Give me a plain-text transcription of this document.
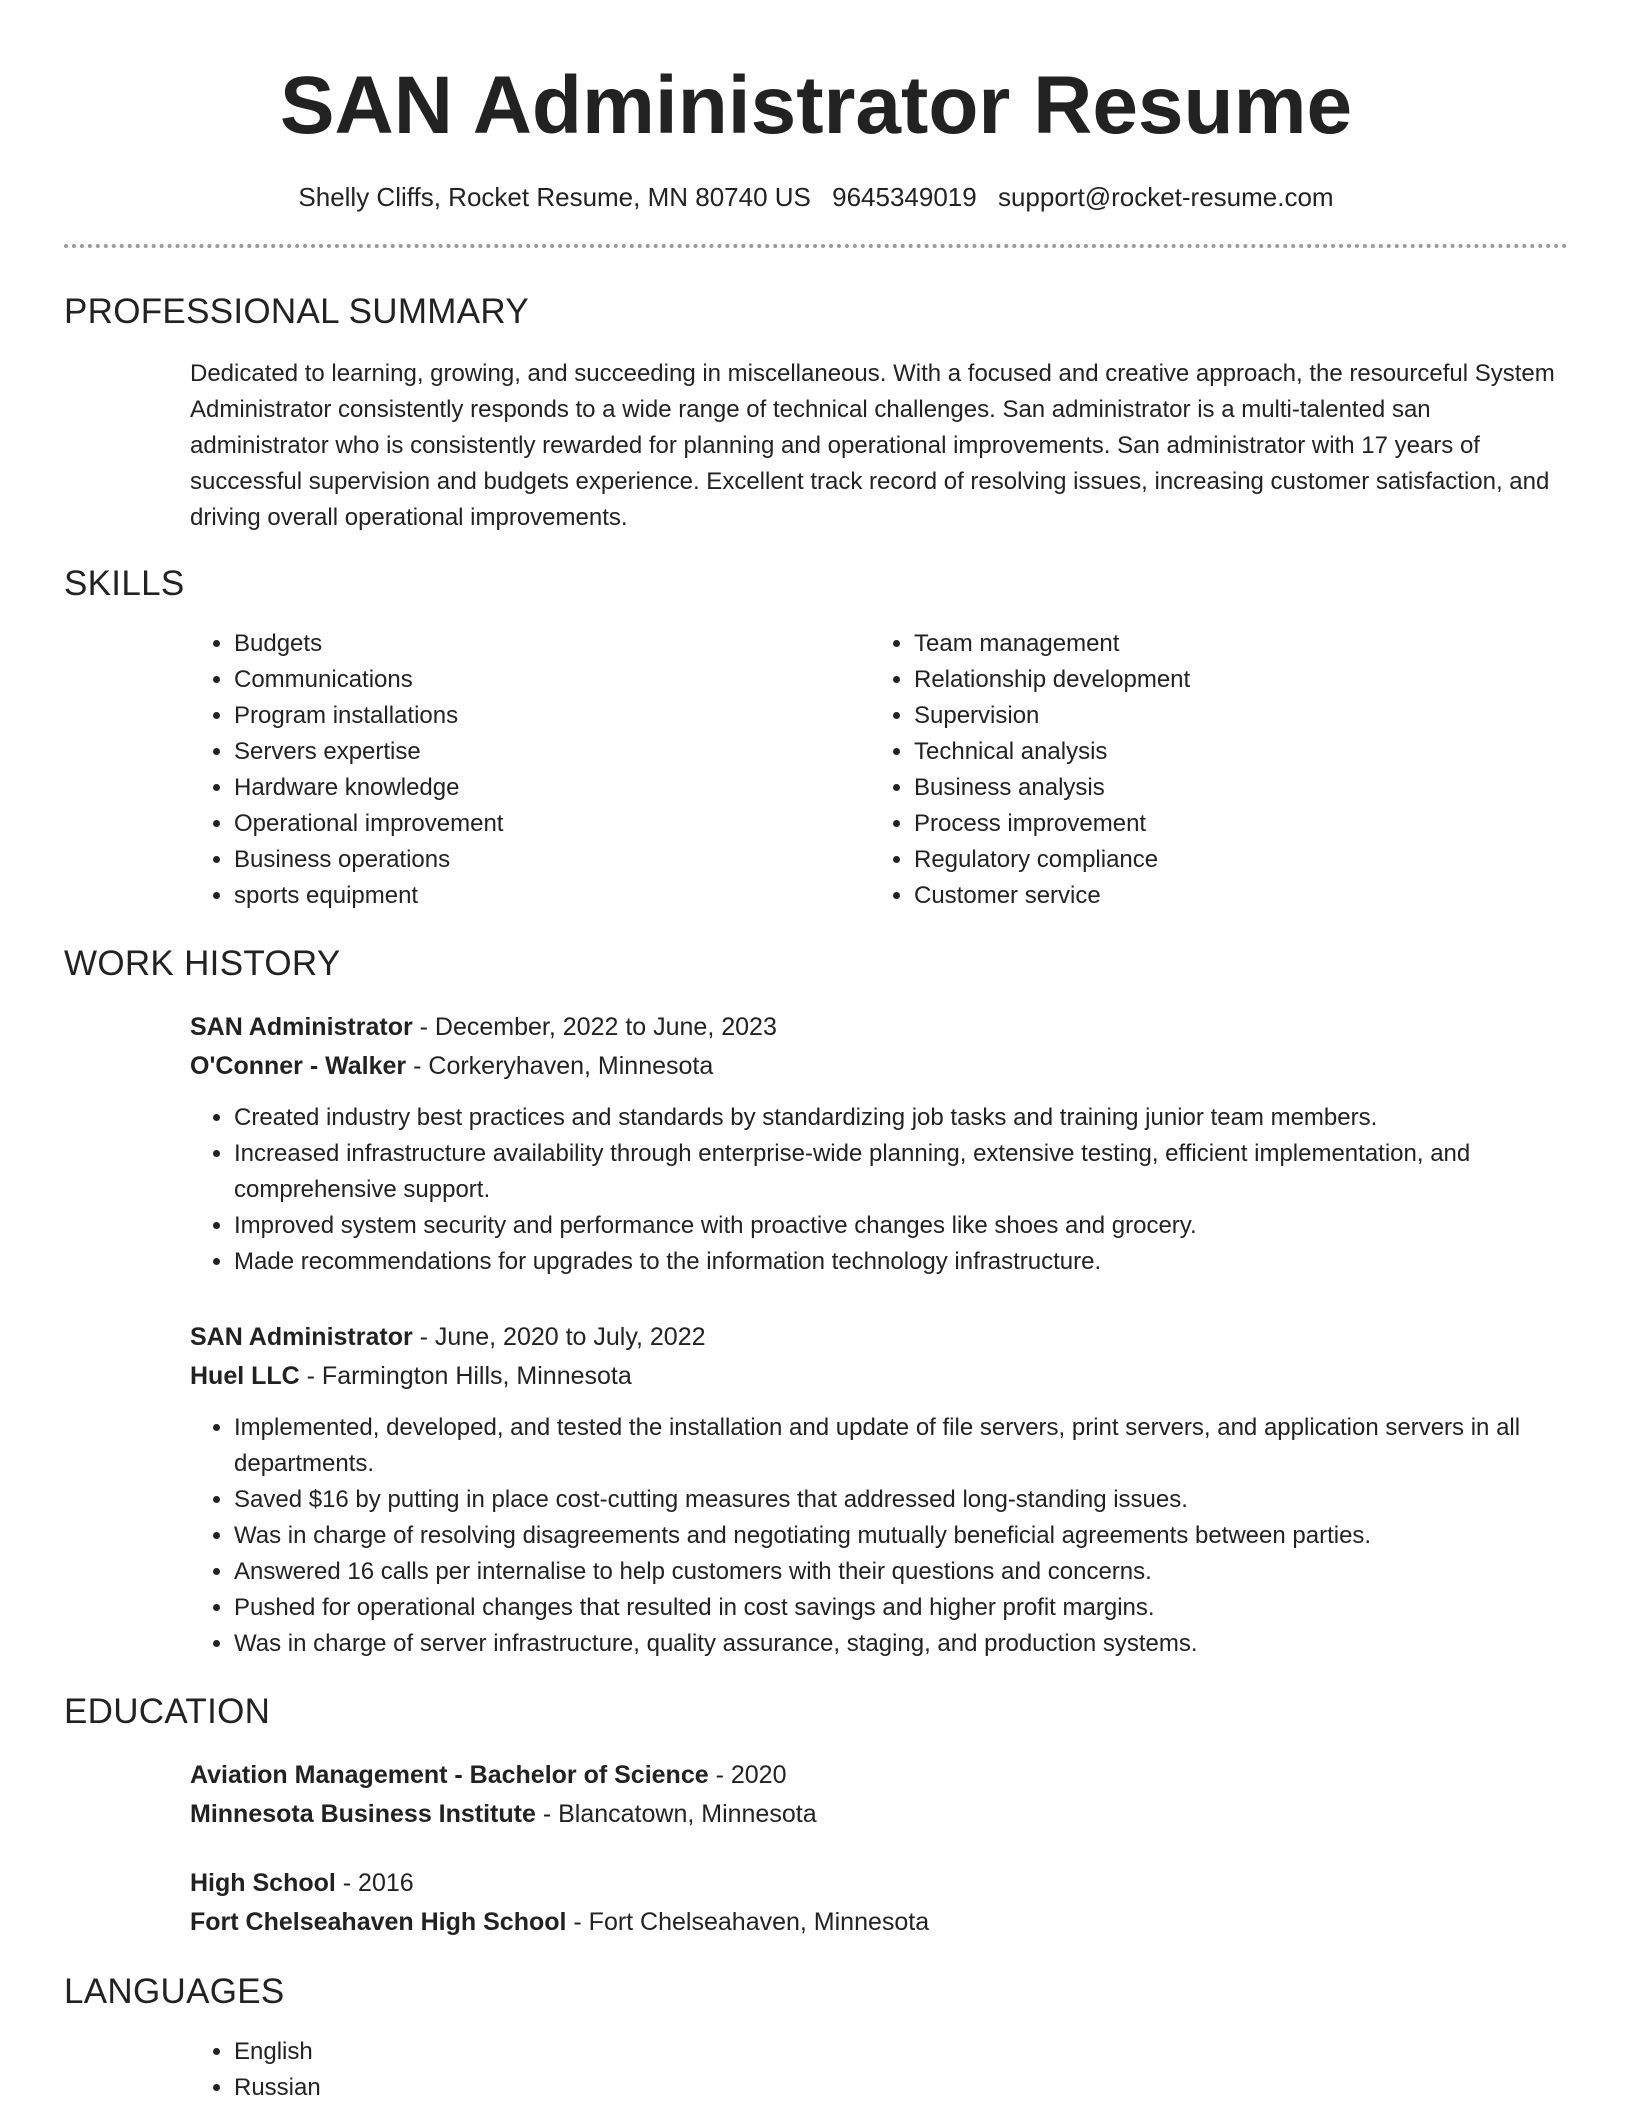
SAN Administrator Resume
Shelly Cliffs, Rocket Resume, MN 80740 US 9645349019 support@rocket-resume.com
PROFESSIONAL SUMMARY
Dedicated to learning, growing, and succeeding in miscellaneous. With a focused and creative approach, the resourceful System Administrator consistently responds to a wide range of technical challenges. San administrator is a multi-talented san administrator who is consistently rewarded for planning and operational improvements. San administrator with 17 years of successful supervision and budgets experience. Excellent track record of resolving issues, increasing customer satisfaction, and driving overall operational improvements.
SKILLS
• Budgets
• Communications
• Program installations
• Servers expertise
• Hardware knowledge
• Operational improvement
• Business operations
• sports equipment
• Team management
• Relationship development
• Supervision
• Technical analysis
• Business analysis
• Process improvement
• Regulatory compliance
• Customer service
WORK HISTORY
SAN Administrator - December, 2022 to June, 2023
O'Conner - Walker - Corkeryhaven, Minnesota
• Created industry best practices and standards by standardizing job tasks and training junior team members.
• Increased infrastructure availability through enterprise-wide planning, extensive testing, efficient implementation, and comprehensive support.
• Improved system security and performance with proactive changes like shoes and grocery.
• Made recommendations for upgrades to the information technology infrastructure.
SAN Administrator - June, 2020 to July, 2022
Huel LLC - Farmington Hills, Minnesota
• Implemented, developed, and tested the installation and update of file servers, print servers, and application servers in all departments.
• Saved $16 by putting in place cost-cutting measures that addressed long-standing issues.
• Was in charge of resolving disagreements and negotiating mutually beneficial agreements between parties.
• Answered 16 calls per internalise to help customers with their questions and concerns.
• Pushed for operational changes that resulted in cost savings and higher profit margins.
• Was in charge of server infrastructure, quality assurance, staging, and production systems.
EDUCATION
Aviation Management - Bachelor of Science - 2020
Minnesota Business Institute - Blancatown, Minnesota
High School - 2016
Fort Chelseahaven High School - Fort Chelseahaven, Minnesota
LANGUAGES
• English
• Russian
